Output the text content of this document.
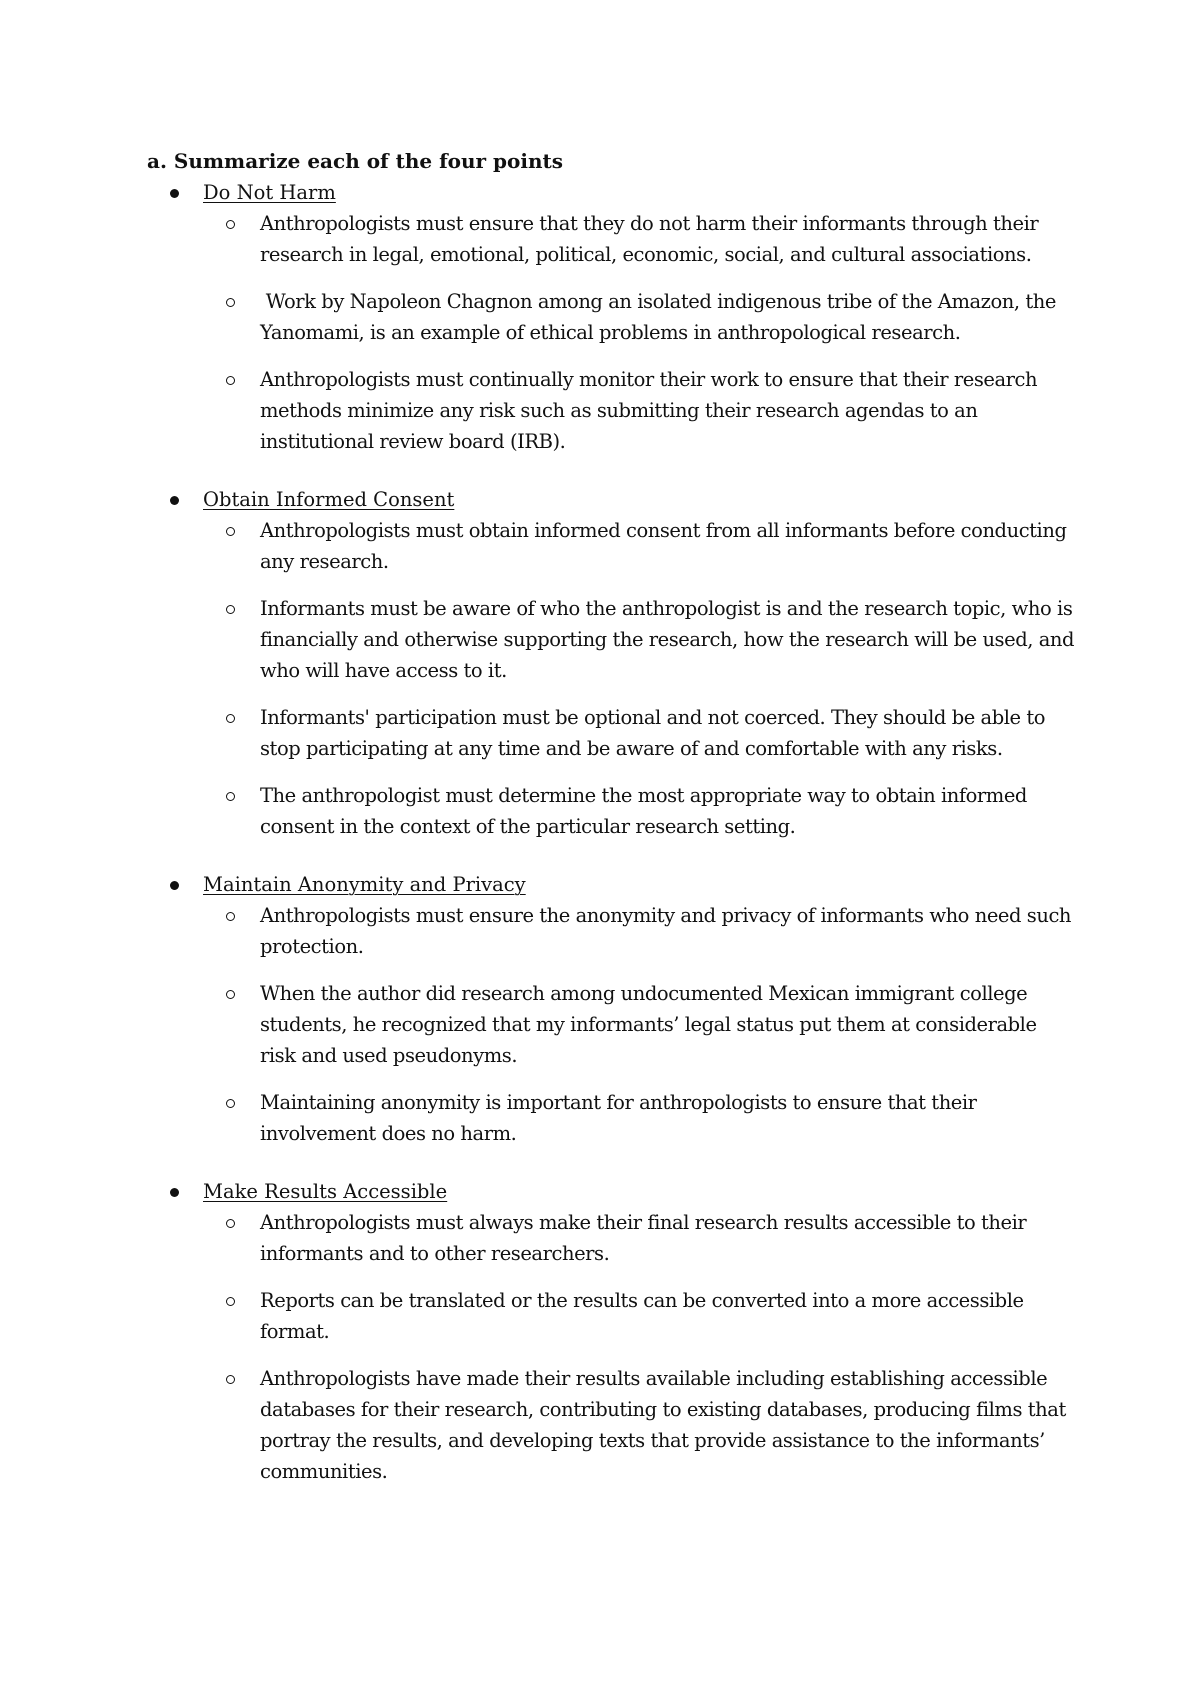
a. Summarize each of the four points
Do Not Harm
Anthropologists must ensure that they do not harm their informants through their research in legal, emotional, political, economic, social, and cultural associations.
Work by Napoleon Chagnon among an isolated indigenous tribe of the Amazon, the Yanomami, is an example of ethical problems in anthropological research.
Anthropologists must continually monitor their work to ensure that their research methods minimize any risk such as submitting their research agendas to an institutional review board (IRB).
Obtain Informed Consent
Anthropologists must obtain informed consent from all informants before conducting any research.
Informants must be aware of who the anthropologist is and the research topic, who is financially and otherwise supporting the research, how the research will be used, and who will have access to it.
Informants' participation must be optional and not coerced. They should be able to stop participating at any time and be aware of and comfortable with any risks.
The anthropologist must determine the most appropriate way to obtain informed consent in the context of the particular research setting.
Maintain Anonymity and Privacy
Anthropologists must ensure the anonymity and privacy of informants who need such protection.
When the author did research among undocumented Mexican immigrant college students, he recognized that my informants’ legal status put them at considerable risk and used pseudonyms.
Maintaining anonymity is important for anthropologists to ensure that their involvement does no harm.
Make Results Accessible
Anthropologists must always make their final research results accessible to their informants and to other researchers.
Reports can be translated or the results can be converted into a more accessible format.
Anthropologists have made their results available including establishing accessible databases for their research, contributing to existing databases, producing films that portray the results, and developing texts that provide assistance to the informants’ communities.
